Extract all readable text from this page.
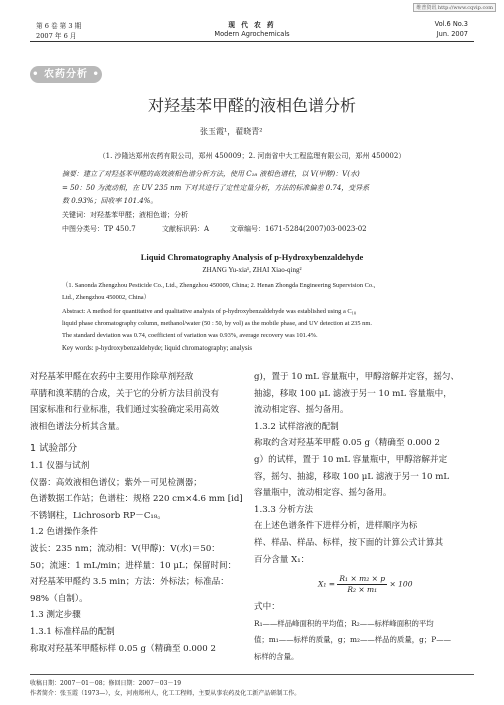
维普资讯 http://www.cqvip.com
第 6 卷 第 3 期
2007 年 6 月
现 代 农 药
Modern Agrochemicals
Vol.6 No.3
Jun. 2007
• 农药分析 •
对羟基苯甲醛的液相色谱分析
张玉霞¹，翟晓青²
（1. 沙隆达郑州农药有限公司，郑州 450009；2. 河南省中大工程监理有限公司，郑州 450002）
摘要：建立了对羟基苯甲醛的高效液相色谱分析方法，使用 C₁₈ 液相色谱柱，以 V(甲醇)：V(水)
= 50：50 为流动相，在 UV 235 nm 下对其进行了定性定量分析，方法的标准偏差 0.74，变异系
数 0.93%；回收率 101.4%。
关键词：对羟基苯甲醛；液相色谱；分析
中图分类号：TP 450.7	文献标识码：A	文章编号：1671-5284(2007)03-0023-02
Liquid Chromatography Analysis of p-Hydroxybenzaldehyde
ZHANG Yu-xia¹, ZHAI Xiao-qing²
（1. Sanonda Zhengzhou Pesticide Co., Ltd., Zhengzhou 450009, China; 2. Henan Zhongda Engineering Supervision Co.,
Ltd., Zhengzhou 450002, China）
Abstract: A method for quantitative and qualitative analysis of p-hydroxybenzaldehyde was established using a C₁₈
liquid phase chromatography column, methanol/water (50 : 50, by vol) as the mobile phase, and UV detection at 235 nm.
The standard deviation was 0.74, coefficient of variation was 0.93%, average recovery was 101.4%.
Key words: p-hydroxybenzaldehyde; liquid chromatography; analysis
对羟基苯甲醛在农药中主要用作除草剂羟敌
草腈和溴苯腈的合成，关于它的分析方法目前没有
国家标准和行业标准，我们通过实验确定采用高效
液相色谱法分析其含量。
1 试验部分
1.1 仪器与试剂
仪器：高效液相色谱仪；紫外－可见检测器；
色谱数据工作站；色谱柱：规格 220 cm×4.6 mm [id]
不锈钢柱，Lichrosorb RP－C₁₈。
1.2 色谱操作条件
波长：235 nm；流动相：V(甲醇)：V(水)＝50：
50；流速：1 mL/min；进样量：10 μL；保留时间：
对羟基苯甲醛约 3.5 min；方法：外标法；标准品：
98%（自制）。
1.3 测定步骤
1.3.1 标准样品的配制
称取对羟基苯甲醛标样 0.05 g（精确至 0.000 2
g)，置于 10 mL 容量瓶中，甲醇溶解并定容，摇匀、
抽滤，移取 100 μL 滤液于另一 10 mL 容量瓶中，
流动相定容、摇匀备用。
1.3.2 试样溶液的配制
称取约含对羟基苯甲醛 0.05 g（精确至 0.000 2
g）的试样，置于 10 mL 容量瓶中，甲醇溶解并定
容，摇匀、抽滤，移取 100 μL 滤液于另一 10 mL
容量瓶中，流动相定容、摇匀备用。
1.3.3 分析方法
在上述色谱条件下进样分析，进样顺序为标
样、样品、样品、标样，按下面的计算公式计算其
百分含量 X₁：
$X_1 = \frac{\text{R₁ × m₂ × p}}{\text{R₂ × m₁}} \times 100$
式中：
R₁——样品峰面积的平均值；R₂——标样峰面积的平均
值；m₁——标样的质量，g；m₂——样品的质量，g；P——
标样的含量。
收稿日期：2007－01－08；修回日期：2007－03－19
作者简介：张玉霞（1973—），女，河南郑州人，化工工程师，主要从事农药及化工新产品研制工作。
